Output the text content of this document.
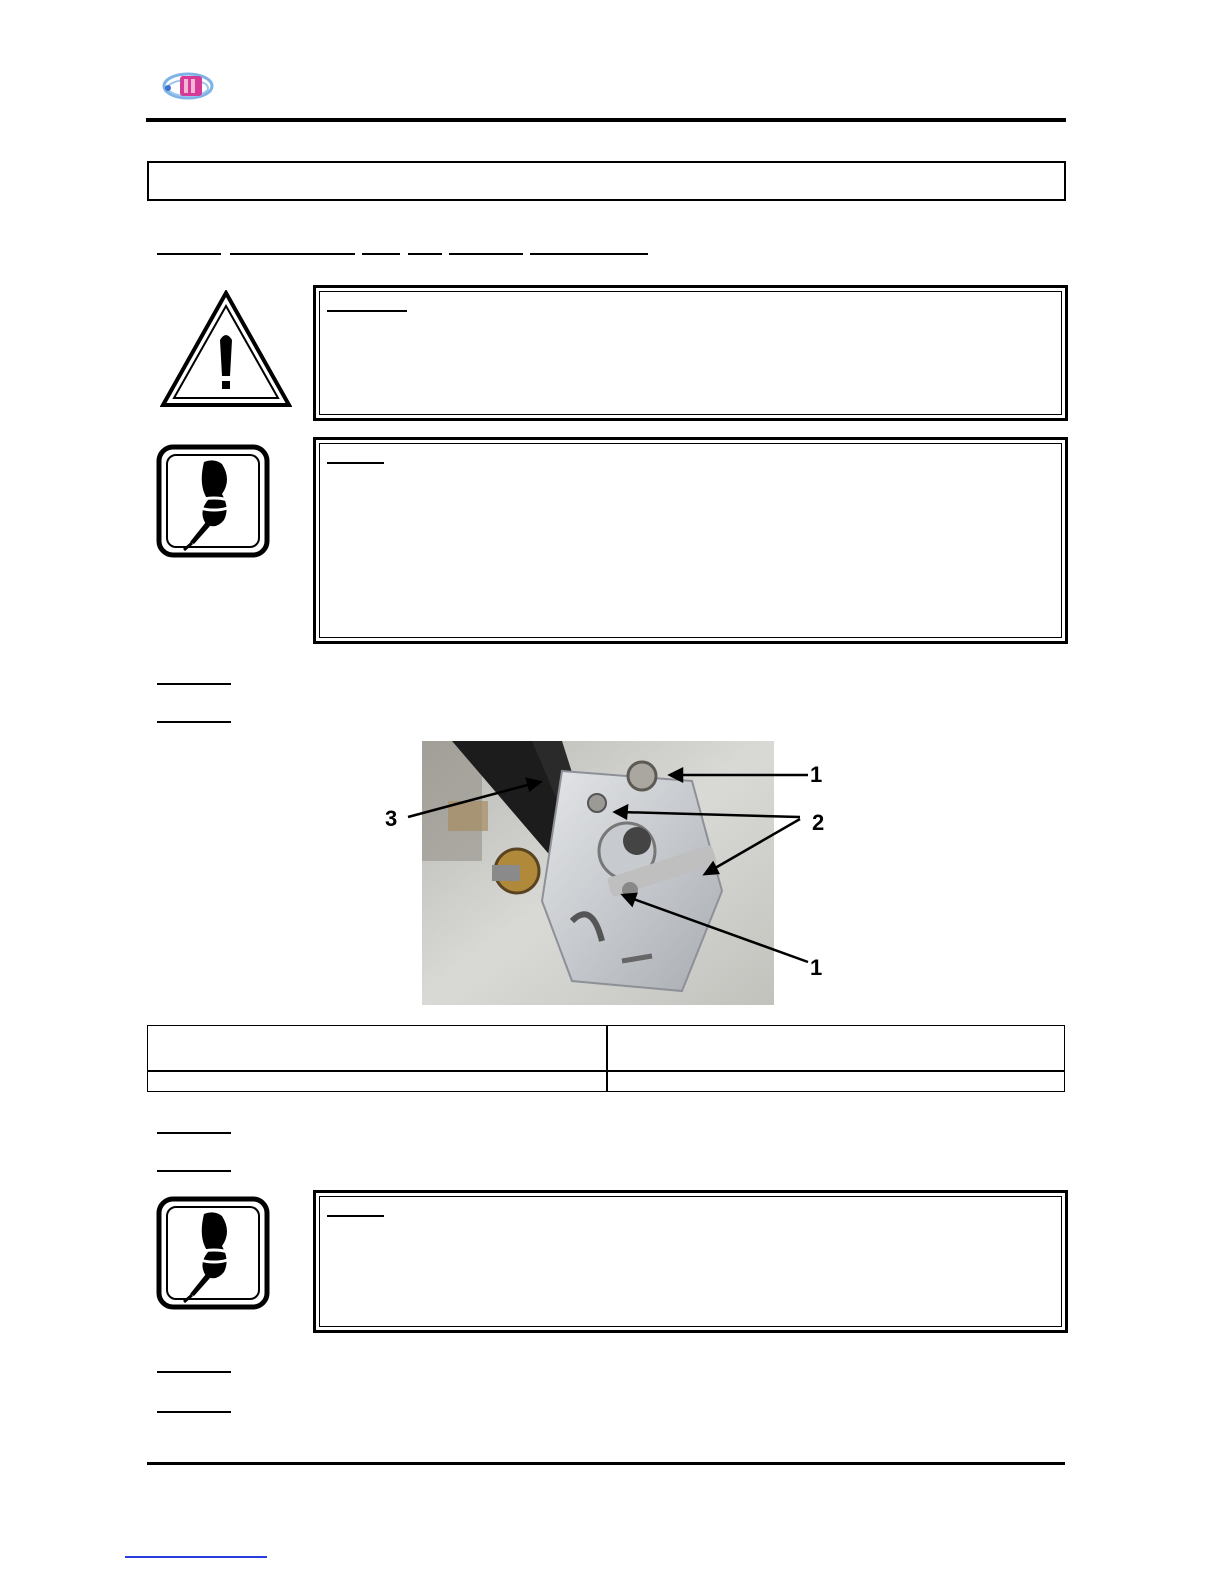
1
2
3
1
